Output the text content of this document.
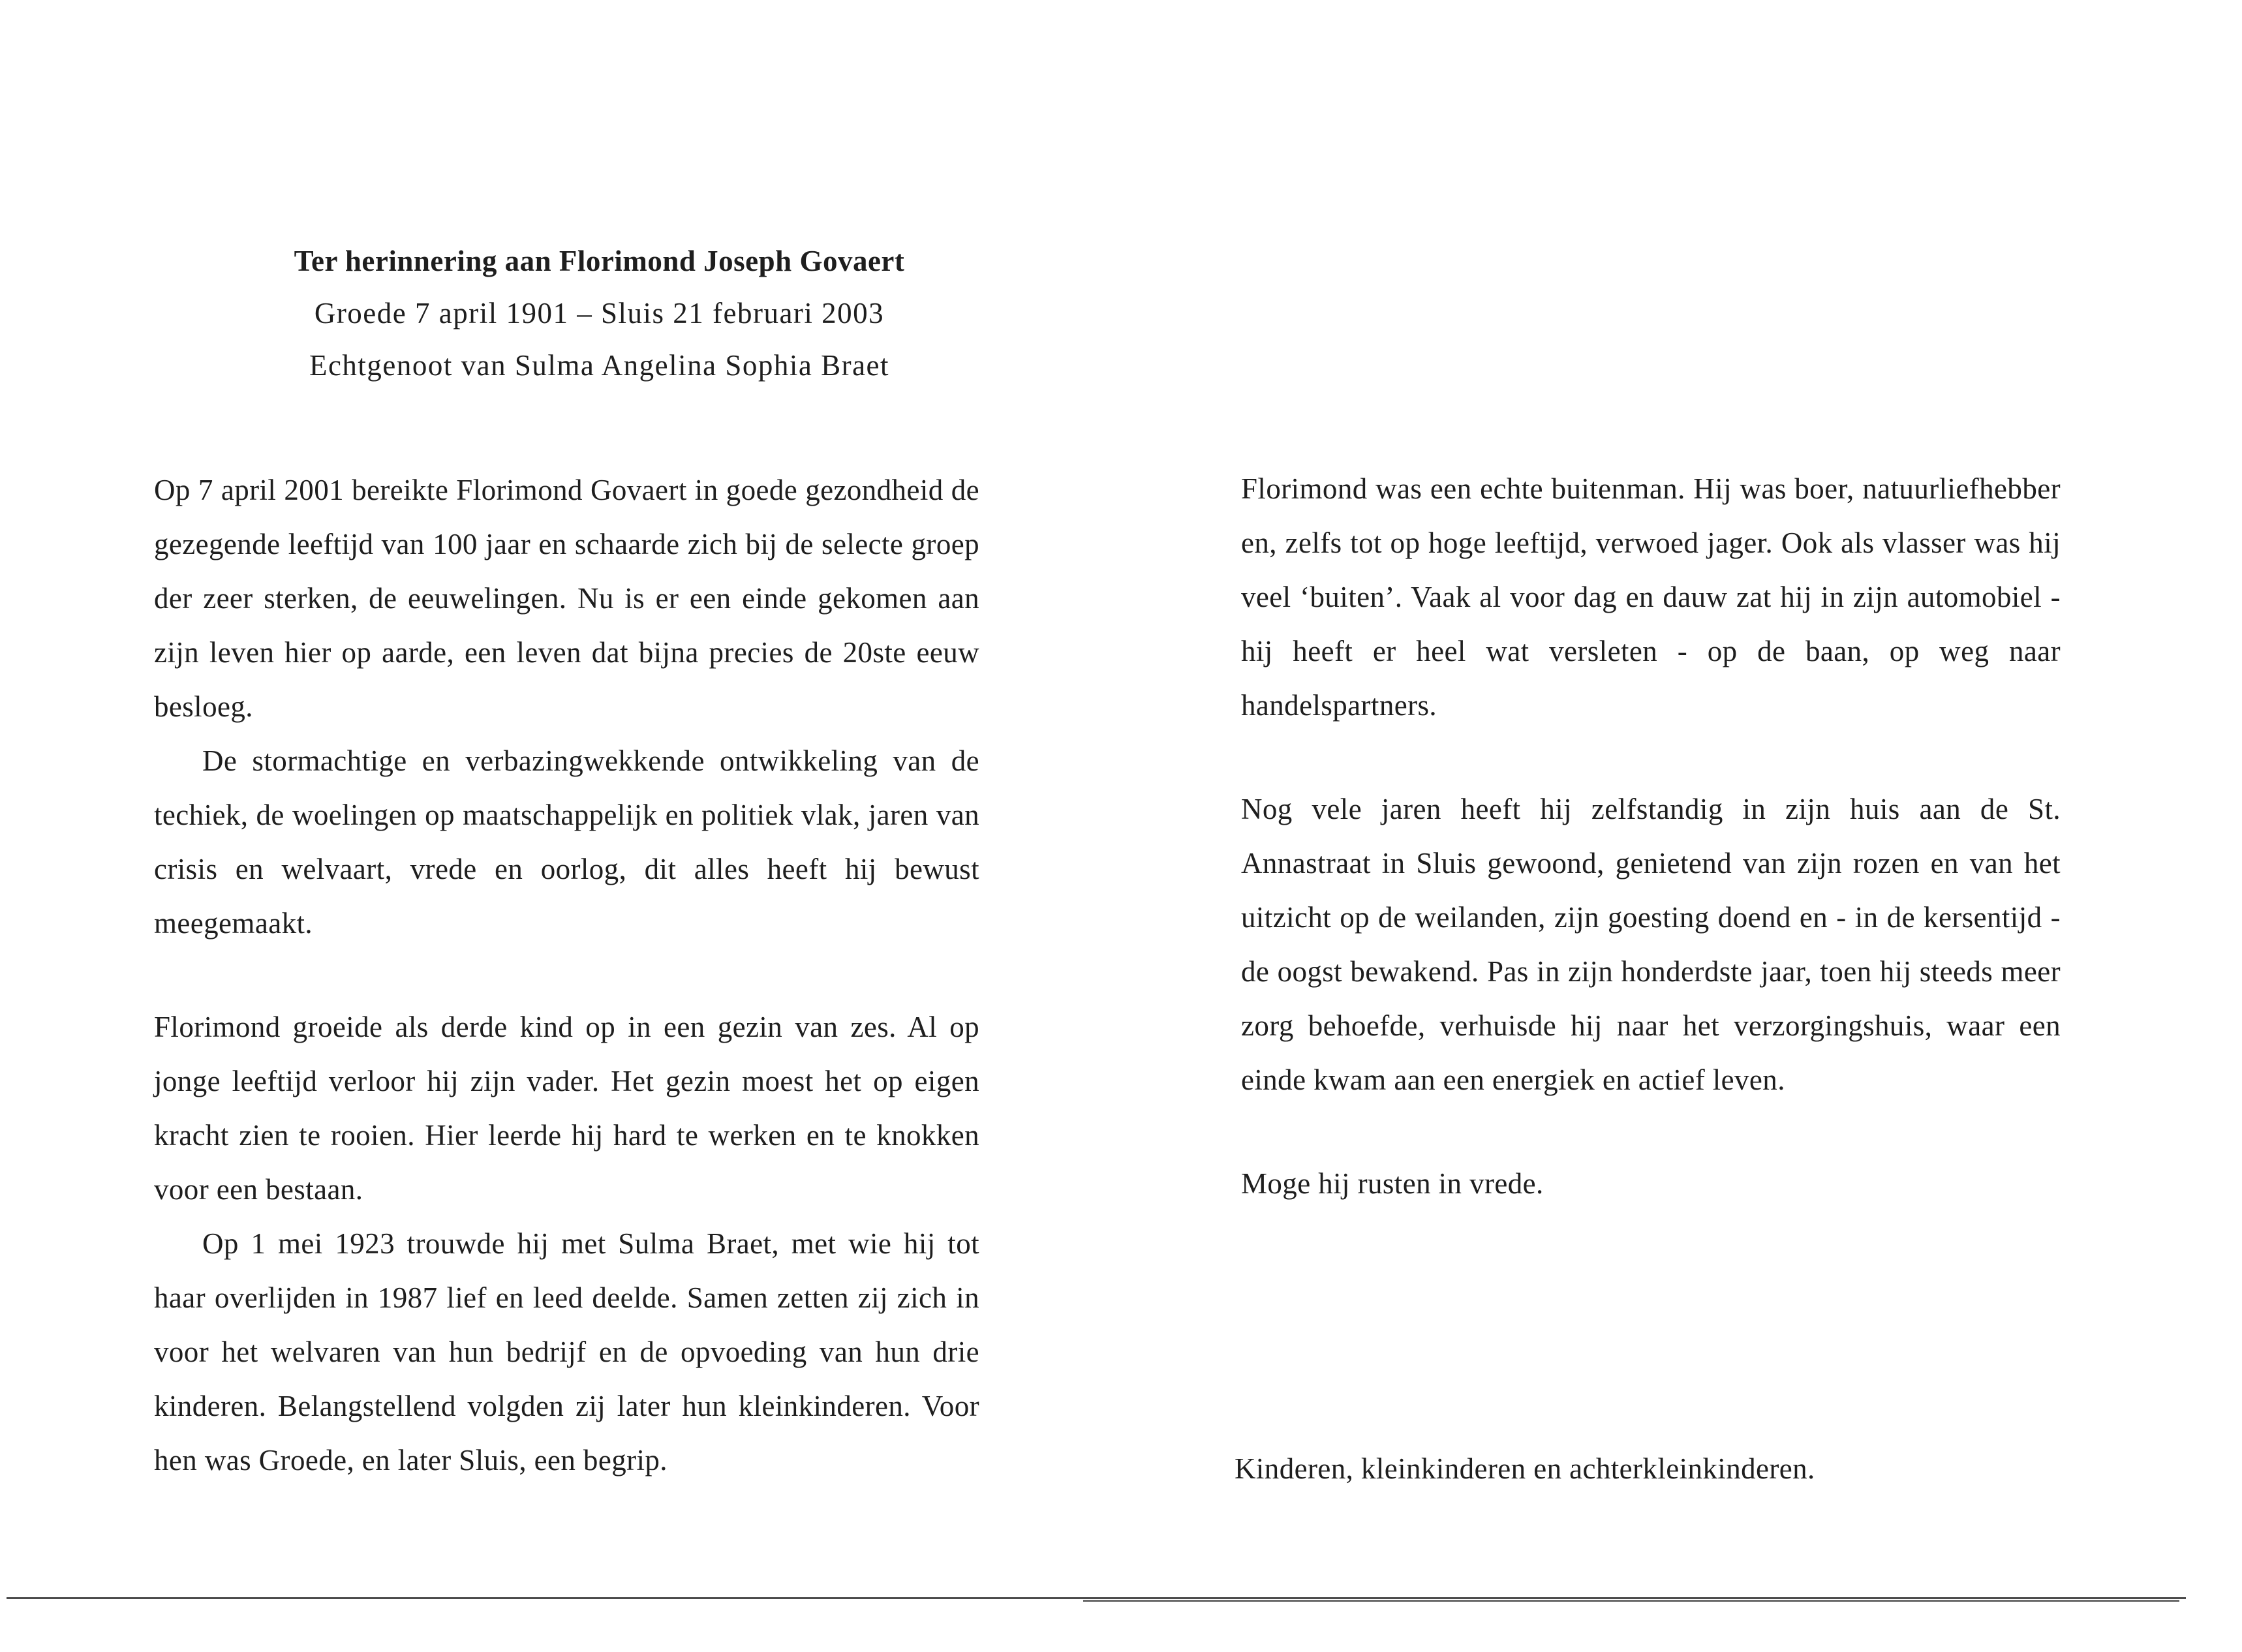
Ter herinnering aan Florimond Joseph Govaert
Groede 7 april 1901 – Sluis 21 februari 2003
Echtgenoot van Sulma Angelina Sophia Braet

Op 7 april 2001 bereikte Florimond Govaert in goede gezondheid de gezegende leeftijd van 100 jaar en schaarde zich bij de selecte groep der zeer sterken, de eeuwelingen. Nu is er een einde gekomen aan zijn leven hier op aarde, een leven dat bijna precies de 20ste eeuw besloeg.

De stormachtige en verbazingwekkende ontwikkeling van de techiek, de woelingen op maatschappelijk en politiek vlak, jaren van crisis en welvaart, vrede en oorlog, dit alles heeft hij bewust meegemaakt.

Florimond groeide als derde kind op in een gezin van zes. Al op jonge leeftijd verloor hij zijn vader. Het gezin moest het op eigen kracht zien te rooien. Hier leerde hij hard te werken en te knokken voor een bestaan.

Op 1 mei 1923 trouwde hij met Sulma Braet, met wie hij tot haar overlijden in 1987 lief en leed deelde. Samen zetten zij zich in voor het welvaren van hun bedrijf en de opvoeding van hun drie kinderen. Belangstellend volgden zij later hun kleinkinderen. Voor hen was Groede, en later Sluis, een begrip.

Florimond was een echte buitenman. Hij was boer, natuurliefhebber en, zelfs tot op hoge leeftijd, verwoed jager. Ook als vlasser was hij veel ‘buiten’. Vaak al voor dag en dauw zat hij in zijn automobiel - hij heeft er heel wat versleten - op de baan, op weg naar handelspartners.

Nog vele jaren heeft hij zelfstandig in zijn huis aan de St. Annastraat in Sluis gewoond, genietend van zijn rozen en van het uitzicht op de weilanden, zijn goesting doend en - in de kersentijd - de oogst bewakend. Pas in zijn honderdste jaar, toen hij steeds meer zorg behoefde, verhuisde hij naar het verzorgingshuis, waar een einde kwam aan een energiek en actief leven.

Moge hij rusten in vrede.

Kinderen, kleinkinderen en achterkleinkinderen.
